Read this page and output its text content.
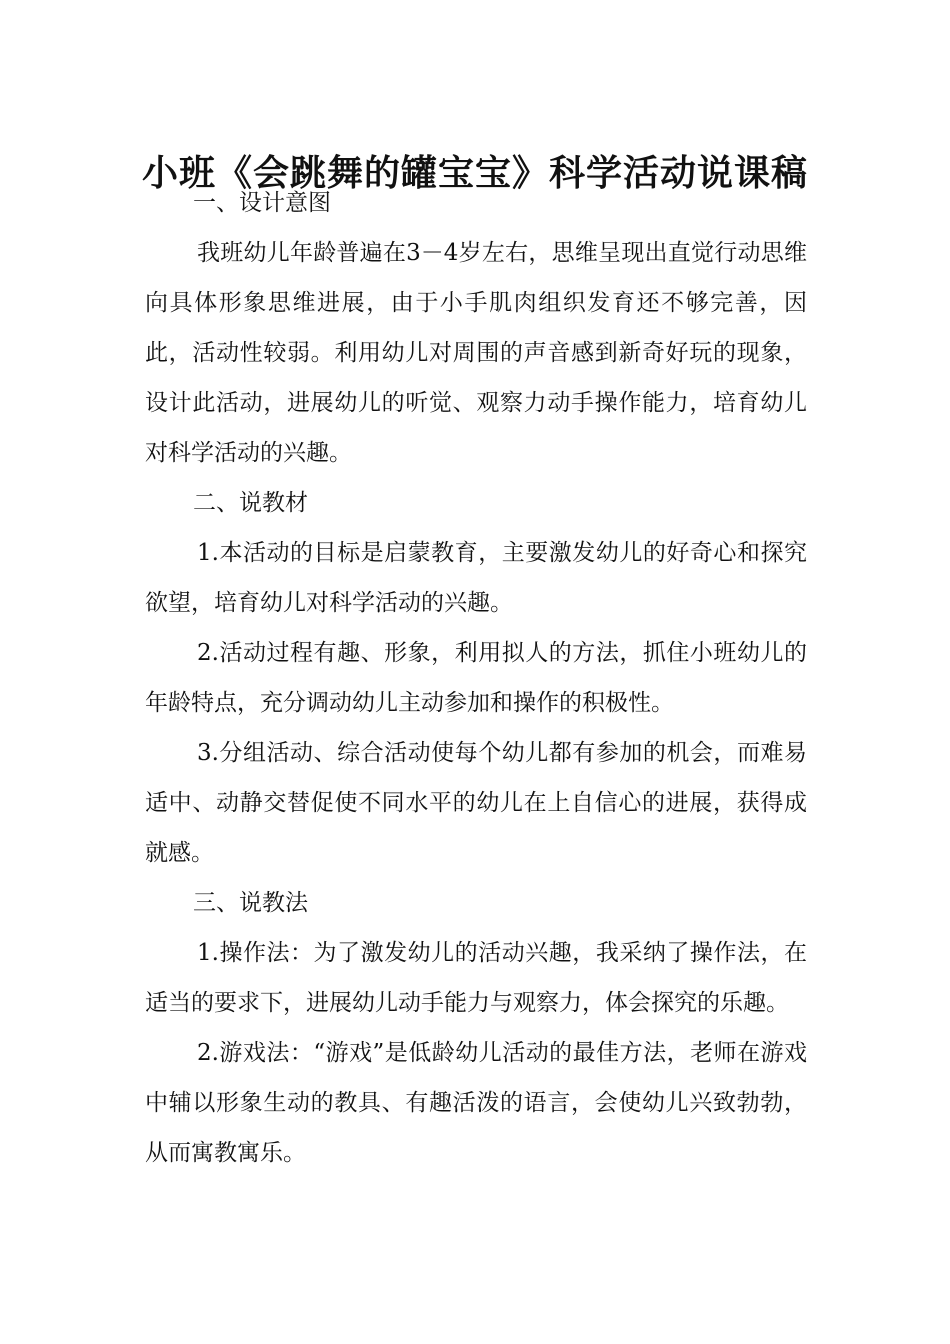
小班《会跳舞的罐宝宝》科学活动说课稿

一、设计意图

我班幼儿年龄普遍在3－4岁左右，思维呈现出直觉行动思维向具体形象思维进展，由于小手肌肉组织发育还不够完善，因此，活动性较弱。利用幼儿对周围的声音感到新奇好玩的现象，设计此活动，进展幼儿的听觉、观察力动手操作能力，培育幼儿对科学活动的兴趣。

二、说教材

1.本活动的目标是启蒙教育，主要激发幼儿的好奇心和探究欲望，培育幼儿对科学活动的兴趣。

2.活动过程有趣、形象，利用拟人的方法，抓住小班幼儿的年龄特点，充分调动幼儿主动参加和操作的积极性。

3.分组活动、综合活动使每个幼儿都有参加的机会，而难易适中、动静交替促使不同水平的幼儿在上自信心的进展，获得成就感。

三、说教法

1.操作法：为了激发幼儿的活动兴趣，我采纳了操作法，在适当的要求下，进展幼儿动手能力与观察力，体会探究的乐趣。

2.游戏法：“游戏”是低龄幼儿活动的最佳方法，老师在游戏中辅以形象生动的教具、有趣活泼的语言，会使幼儿兴致勃勃，从而寓教寓乐。
